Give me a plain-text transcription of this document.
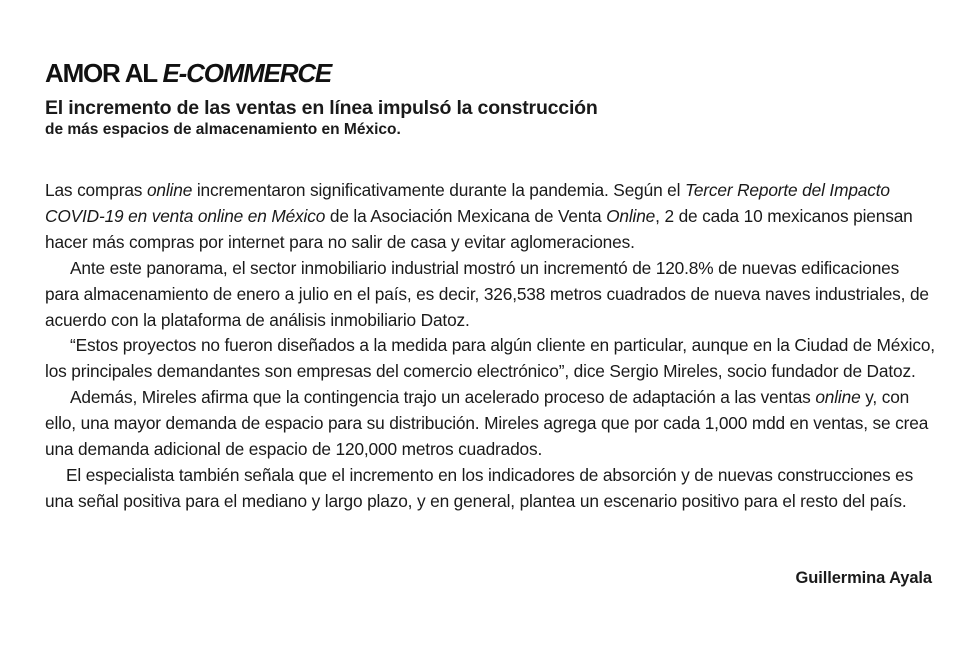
AMOR AL E-COMMERCE

El incremento de las ventas en línea impulsó la construcción

de más espacios de almacenamiento en México.

Las compras online incrementaron significativamente durante la pandemia. Según el Tercer Reporte del Impacto COVID-19 en venta online en México de la Asociación Mexicana de Venta Online, 2 de cada 10 mexicanos piensan hacer más compras por internet para no salir de casa y evitar aglomeraciones.

Ante este panorama, el sector inmobiliario industrial mostró un incrementó de 120.8% de nuevas edificaciones para almacenamiento de enero a julio en el país, es decir, 326,538 metros cuadrados de nueva naves industriales, de acuerdo con la plataforma de análisis inmobiliario Datoz.

“Estos proyectos no fueron diseñados a la medida para algún cliente en particular, aunque en la Ciudad de México, los principales demandantes son empresas del comercio electrónico”, dice Sergio Mireles, socio fundador de Datoz.

Además, Mireles afirma que la contingencia trajo un acelerado proceso de adaptación a las ventas online y, con ello, una mayor demanda de espacio para su distribución. Mireles agrega que por cada 1,000 mdd en ventas, se crea una demanda adicional de espacio de 120,000 metros cuadrados.

El especialista también señala que el incremento en los indicadores de absorción y de nuevas construcciones es una señal positiva para el mediano y largo plazo, y en general, plantea un escenario positivo para el resto del país.

Guillermina Ayala
